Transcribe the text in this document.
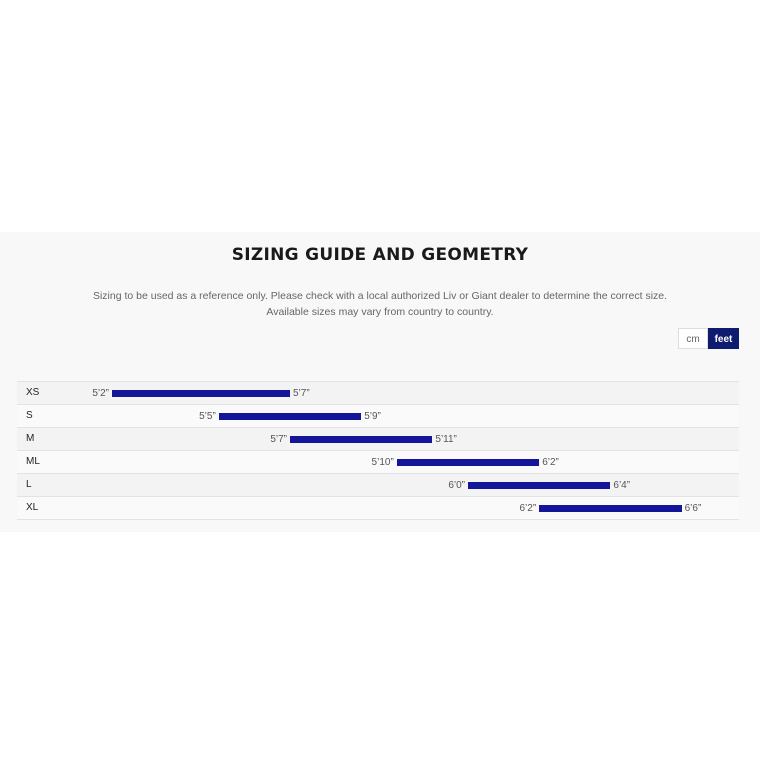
SIZING GUIDE AND GEOMETRY
Sizing to be used as a reference only. Please check with a local authorized Liv or Giant dealer to determine the correct size.
Available sizes may vary from country to country.
cm	feet
XS	5’2”	5’7”
S	5’5”	5’9”
M	5’7”	5’11”
ML	5’10”	6’2”
L	6’0”	6’4”
XL	6’2”	6’6”
